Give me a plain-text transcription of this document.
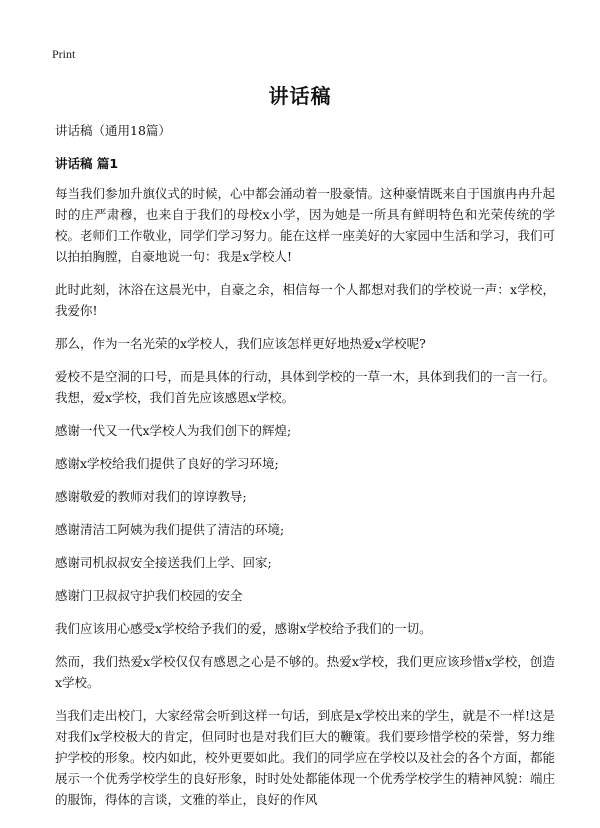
Print
讲话稿
讲话稿（通用18篇）
讲话稿 篇1

每当我们参加升旗仪式的时候，心中都会涌动着一股豪情。这种豪情既来自于国旗冉冉升起时的庄严肃穆，也来自于我们的母校x小学，因为她是一所具有鲜明特色和光荣传统的学校。老师们工作敬业，同学们学习努力。能在这样一座美好的大家园中生活和学习，我们可以拍拍胸膛，自豪地说一句：我是x学校人!

此时此刻，沐浴在这晨光中，自豪之余，相信每一个人都想对我们的学校说一声：x学校，我爱你!

那么，作为一名光荣的x学校人，我们应该怎样更好地热爱x学校呢?

爱校不是空洞的口号，而是具体的行动，具体到学校的一草一木，具体到我们的一言一行。我想，爱x学校，我们首先应该感恩x学校。

感谢一代又一代x学校人为我们创下的辉煌;

感谢x学校给我们提供了良好的学习环境;

感谢敬爱的教师对我们的谆谆教导;

感谢清洁工阿姨为我们提供了清洁的环境;

感谢司机叔叔安全接送我们上学、回家;

感谢门卫叔叔守护我们校园的安全

我们应该用心感受x学校给予我们的爱，感谢x学校给予我们的一切。

然而，我们热爱x学校仅仅有感恩之心是不够的。热爱x学校，我们更应该珍惜x学校，创造x学校。

当我们走出校门，大家经常会听到这样一句话，到底是x学校出来的学生，就是不一样!这是对我们x学校极大的肯定，但同时也是对我们巨大的鞭策。我们要珍惜学校的荣誉，努力维护学校的形象。校内如此，校外更要如此。我们的同学应在学校以及社会的各个方面，都能展示一个优秀学校学生的良好形象，时时处处都能体现一个优秀学校学生的精神风貌：端庄的服饰，得体的言谈，文雅的举止，良好的作风
